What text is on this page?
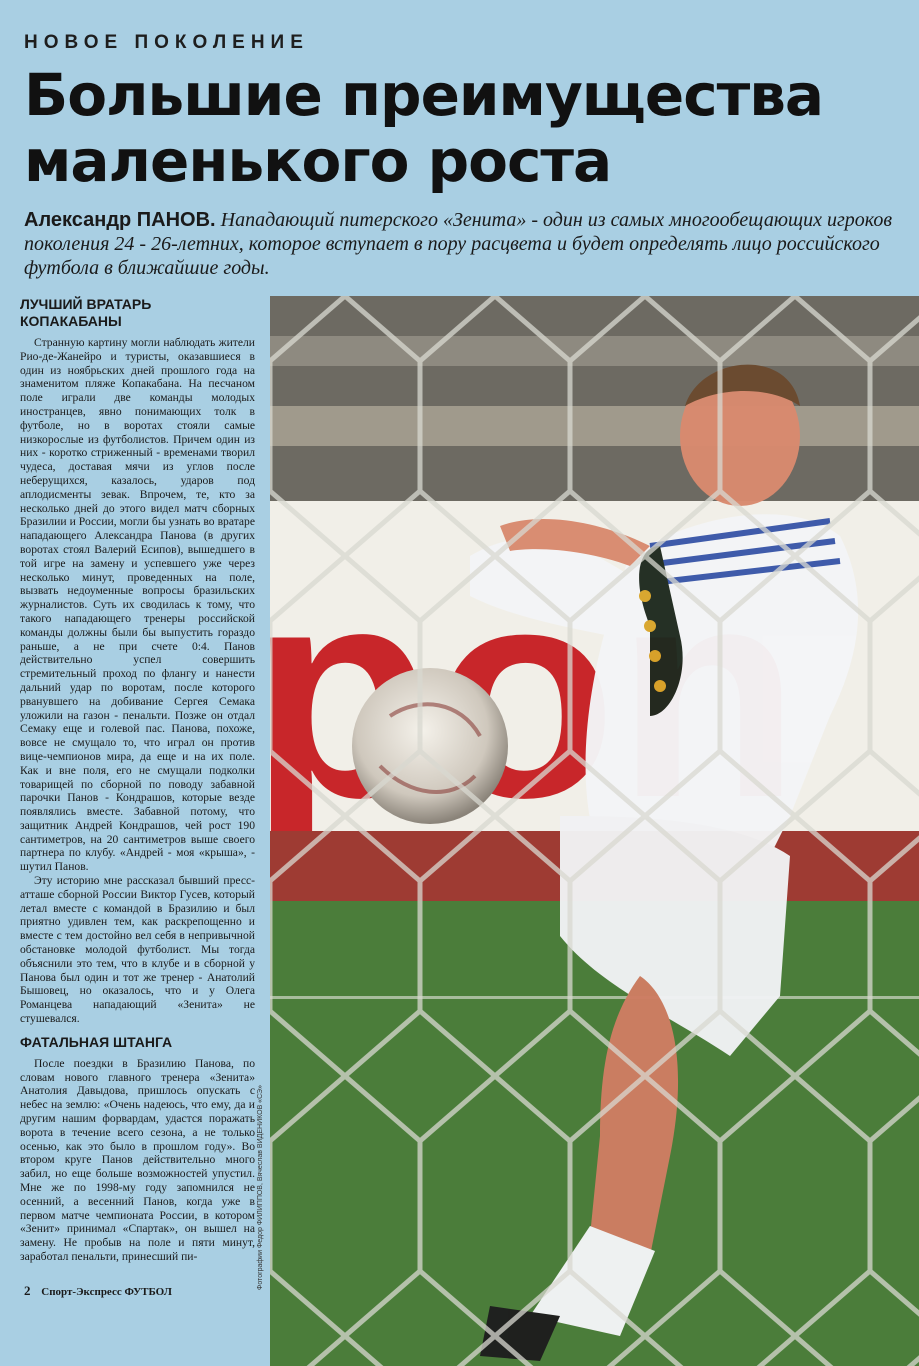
НОВОЕ ПОКОЛЕНИЕ
Большие преимущества
маленького роста

Александр ПАНОВ. Нападающий питерского «Зенита» - один из самых многообещающих игроков поколения 24 - 26-летних, которое вступает в пору расцвета и будет определять лицо российского футбола в ближайшие годы.

ЛУЧШИЙ ВРАТАРЬ КОПАКАБАНЫ

Странную картину могли наблюдать жители Рио-де-Жанейро и туристы, оказавшиеся в один из ноябрьских дней прошлого года на знаменитом пляже Копакабана. На песчаном поле играли две команды молодых иностранцев, явно понимающих толк в футболе, но в воротах стояли самые низкорослые из футболистов. Причем один из них - коротко стриженный - временами творил чудеса, доставая мячи из углов после неберущихся, казалось, ударов под аплодисменты зевак. Впрочем, те, кто за несколько дней до этого видел матч сборных Бразилии и России, могли бы узнать во вратаре нападающего Александра Панова (в других воротах стоял Валерий Есипов), вышедшего в той игре на замену и успевшего уже через несколько минут, проведенных на поле, вызвать недоуменные вопросы бразильских журналистов. Суть их сводилась к тому, что такого нападающего тренеры российской команды должны были бы выпустить гораздо раньше, а не при счете 0:4. Панов действительно успел совершить стремительный проход по флангу и нанести дальний удар по воротам, после которого рванувшего на добивание Сергея Семака уложили на газон - пенальти. Позже он отдал Семаку еще и голевой пас. Панова, похоже, вовсе не смущало то, что играл он против вице-чемпионов мира, да еще и на их поле. Как и вне поля, его не смущали подколки товарищей по сборной по поводу забавной парочки Панов - Кондрашов, которые везде появлялись вместе. Забавной потому, что защитник Андрей Кондрашов, чей рост 190 сантиметров, на 20 сантиметров выше своего партнера по клубу. «Андрей - моя «крыша», - шутил Панов.

Эту историю мне рассказал бывший пресс-атташе сборной России Виктор Гусев, который летал вместе с командой в Бразилию и был приятно удивлен тем, как раскрепощенно и вместе с тем достойно вел себя в непривычной обстановке молодой футболист. Мы тогда объяснили это тем, что в клубе и в сборной у Панова был один и тот же тренер - Анатолий Бышовец, но оказалось, что и у Олега Романцева нападающий «Зенита» не стушевался.

ФАТАЛЬНАЯ ШТАНГА

После поездки в Бразилию Панова, по словам нового главного тренера «Зенита» Анатолия Давыдова, пришлось опускать с небес на землю: «Очень надеюсь, что ему, да и другим нашим форвардам, удастся поражать ворота в течение всего сезона, а не только осенью, как это было в прошлом году». Во втором круге Панов действительно много забил, но еще больше возможностей упустил. Мне же по 1998-му году запомнился не осенний, а весенний Панов, когда уже в первом матче чемпионата России, в котором «Зенит» принимал «Спартак», он вышел на замену. Не пробыв на поле и пяти минут, заработал пенальти, принесший пи-	Фотографии Федор ФИЛИППОВ, Вячеслав ВИДЕНИКОВ «СЭ»
2 Спорт-Экспресс ФУТБОЛ
